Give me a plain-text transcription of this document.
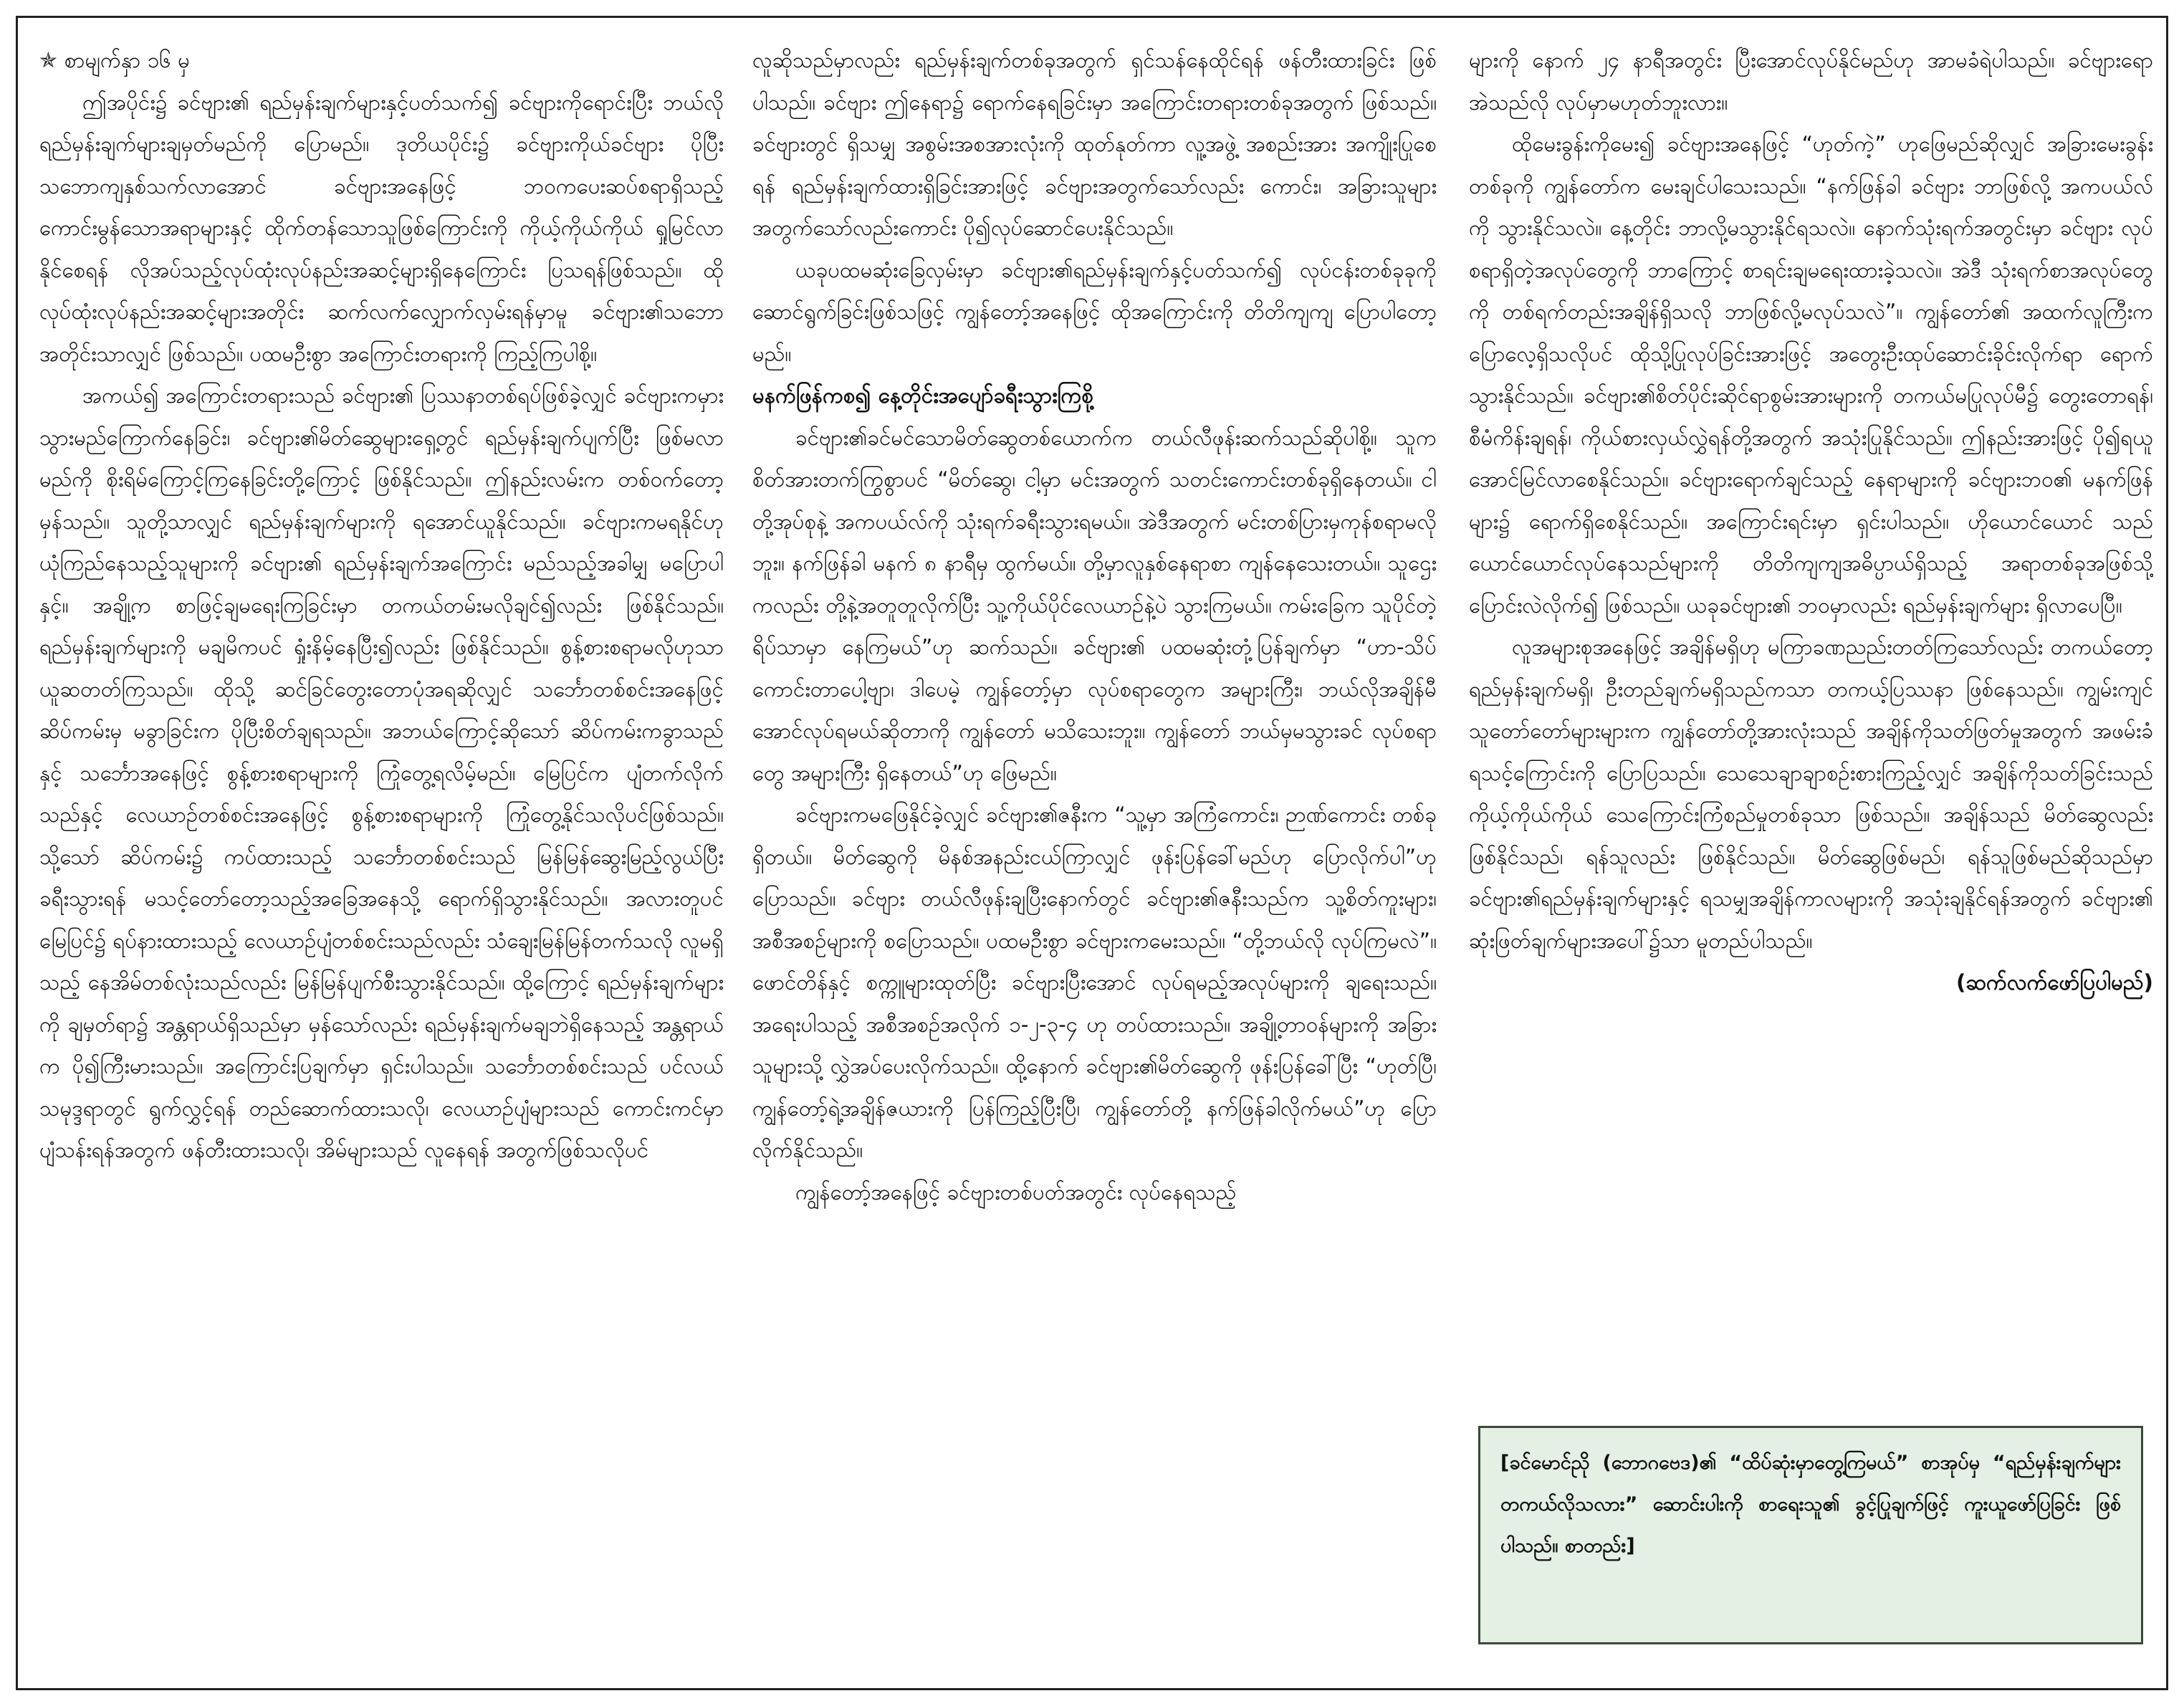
✯ စာမျက်နှာ ၁၆ မှ

ဤအပိုင်း၌ ခင်ဗျား၏ ရည်မှန်းချက်များနှင့်ပတ်သက်၍ ခင်ဗျားကိုရောင်းပြီး ဘယ်လို ရည်မှန်းချက်များချမှတ်မည်ကို ပြောမည်။ ဒုတိယပိုင်း၌ ခင်ဗျားကိုယ်ခင်ဗျား ပိုပြီးသဘောကျနှစ်သက်လာအောင် ခင်ဗျားအနေဖြင့် ဘဝကပေးဆပ်စရာရှိသည့် ကောင်းမွန်သောအရာများနှင့် ထိုက်တန်သောသူဖြစ်ကြောင်းကို ကိုယ့်ကိုယ်ကိုယ် ရှုမြင်လာနိုင်စေရန် လိုအပ်သည့်လုပ်ထုံးလုပ်နည်းအဆင့်များရှိနေကြောင်း ပြသရန်ဖြစ်သည်။ ထိုလုပ်ထုံးလုပ်နည်းအဆင့်များအတိုင်း ဆက်လက်လျှောက်လှမ်းရန်မှာမူ ခင်ဗျား၏သဘောအတိုင်းသာလျှင် ဖြစ်သည်။ ပထမဦးစွာ အကြောင်းတရားကို ကြည့်ကြပါစို့။

အကယ်၍ အကြောင်းတရားသည် ခင်ဗျား၏ ပြဿနာတစ်ရပ်ဖြစ်ခဲ့လျှင် ခင်ဗျားကမှားသွားမည်ကြောက်နေခြင်း၊ ခင်ဗျား၏မိတ်ဆွေများရှေ့တွင် ရည်မှန်းချက်ပျက်ပြီး ဖြစ်မလာမည်ကို စိုးရိမ်ကြောင့်ကြနေခြင်းတို့ကြောင့် ဖြစ်နိုင်သည်။ ဤနည်းလမ်းက တစ်ဝက်တော့မှန်သည်။ သူတို့သာလျှင် ရည်မှန်းချက်များကို ရအောင်ယူနိုင်သည်။ ခင်ဗျားကမရနိုင်ဟု ယုံကြည်နေသည့်သူများကို ခင်ဗျား၏ ရည်မှန်းချက်အကြောင်း မည်သည့်အခါမျှ မပြောပါနှင့်။ အချို့က စာဖြင့်ချမရေးကြခြင်းမှာ တကယ်တမ်းမလိုချင်၍လည်း ဖြစ်နိုင်သည်။ ရည်မှန်းချက်များကို မချမိကပင် ရှုံးနိမ့်နေပြီး၍လည်း ဖြစ်နိုင်သည်။ စွန့်စားစရာမလိုဟုသာ ယူဆတတ်ကြသည်။ ထိုသို့ ဆင်ခြင်တွေးတောပုံအရဆိုလျှင် သင်္ဘောတစ်စင်းအနေဖြင့် ဆိပ်ကမ်းမှ မခွာခြင်းက ပိုပြီးစိတ်ချရသည်။ အဘယ်ကြောင့်ဆိုသော် ဆိပ်ကမ်းကခွာသည်နှင့် သင်္ဘောအနေဖြင့် စွန့်စားစရာများကို ကြုံတွေ့ရလိမ့်မည်။ မြေပြင်က ပျံတက်လိုက်သည်နှင့် လေယာဉ်တစ်စင်းအနေဖြင့် စွန့်စားစရာများကို ကြုံတွေ့နိုင်သလိုပင်ဖြစ်သည်။ သို့သော် ဆိပ်ကမ်း၌ ကပ်ထားသည့် သင်္ဘောတစ်စင်းသည် မြန်မြန်ဆွေးမြည့်လွယ်ပြီး ခရီးသွားရန် မသင့်တော်တော့သည့်အခြေအနေသို့ ရောက်ရှိသွားနိုင်သည်။ အလားတူပင် မြေပြင်၌ ရပ်နားထားသည့် လေယာဉ်ပျံတစ်စင်းသည်လည်း သံချေးမြန်မြန်တက်သလို လူမရှိသည့် နေအိမ်တစ်လုံးသည်လည်း မြန်မြန်ပျက်စီးသွားနိုင်သည်။ ထို့ကြောင့် ရည်မှန်းချက်များကို ချမှတ်ရာ၌ အန္တရာယ်ရှိသည်မှာ မှန်သော်လည်း ရည်မှန်းချက်မချဘဲရှိနေသည့် အန္တရာယ်က ပို၍ကြီးမားသည်။ အကြောင်းပြချက်မှာ ရှင်းပါသည်။ သင်္ဘောတစ်စင်းသည် ပင်လယ်သမုဒ္ဒရာတွင် ရွက်လွှင့်ရန် တည်ဆောက်ထားသလို၊ လေယာဉ်ပျံများသည် ကောင်းကင်မှာ ပျံသန်းရန်အတွက် ဖန်တီးထားသလို၊ အိမ်များသည် လူနေရန် အတွက်ဖြစ်သလိုပင်

လူဆိုသည်မှာလည်း ရည်မှန်းချက်တစ်ခုအတွက် ရှင်သန်နေထိုင်ရန် ဖန်တီးထားခြင်း ဖြစ်ပါသည်။ ခင်ဗျား ဤနေရာ၌ ရောက်နေရခြင်းမှာ အကြောင်းတရားတစ်ခုအတွက် ဖြစ်သည်။ ခင်ဗျားတွင် ရှိသမျှ အစွမ်းအစအားလုံးကို ထုတ်နုတ်ကာ လူ့အဖွဲ့ အစည်းအား အကျိုးပြုစေရန် ရည်မှန်းချက်ထားရှိခြင်းအားဖြင့် ခင်ဗျားအတွက်သော်လည်း ကောင်း၊ အခြားသူများအတွက်သော်လည်းကောင်း ပို၍လုပ်ဆောင်ပေးနိုင်သည်။

ယခုပထမဆုံးခြေလှမ်းမှာ ခင်ဗျား၏ရည်မှန်းချက်နှင့်ပတ်သက်၍ လုပ်ငန်းတစ်ခုခုကို ဆောင်ရွက်ခြင်းဖြစ်သဖြင့် ကျွန်တော့်အနေဖြင့် ထိုအကြောင်းကို တိတိကျကျ ပြောပါတော့မည်။

မနက်ဖြန်ကစ၍ နေ့တိုင်းအပျော်ခရီးသွားကြစို့

ခင်ဗျား၏ခင်မင်သောမိတ်ဆွေတစ်ယောက်က တယ်လီဖုန်းဆက်သည်ဆိုပါစို့။ သူကစိတ်အားတက်ကြွစွာပင် “မိတ်ဆွေ၊ ငါ့မှာ မင်းအတွက် သတင်းကောင်းတစ်ခုရှိနေတယ်။ ငါတို့အုပ်စုနဲ့ အကပယ်လ်ကို သုံးရက်ခရီးသွားရမယ်။ အဲဒီအတွက် မင်းတစ်ပြားမှကုန်စရာမလိုဘူး။ နက်ဖြန်ခါ မနက် ၈ နာရီမှ ထွက်မယ်။ တို့မှာလူနှစ်နေရာစာ ကျန်နေသေးတယ်။ သူဌေးကလည်း တို့နဲ့အတူတူလိုက်ပြီး သူ့ကိုယ်ပိုင်လေယာဉ်နဲ့ပဲ သွားကြမယ်။ ကမ်းခြေက သူပိုင်တဲ့ ရိပ်သာမှာ နေကြမယ်”ဟု ဆက်သည်။ ခင်ဗျား၏ ပထမဆုံးတုံ့ပြန်ချက်မှာ “ဟာ-သိပ် ကောင်းတာပေါ့ဗျာ၊ ဒါပေမဲ့ ကျွန်တော့်မှာ လုပ်စရာတွေက အများကြီး၊ ဘယ်လိုအချိန်မီအောင်လုပ်ရမယ်ဆိုတာကို ကျွန်တော် မသိသေးဘူး။ ကျွန်တော် ဘယ်မှမသွားခင် လုပ်စရာတွေ အများကြီး ရှိနေတယ်”ဟု ဖြေမည်။

ခင်ဗျားကမဖြေနိုင်ခဲ့လျှင် ခင်ဗျား၏ဇနီးက “သူ့မှာ အကြံကောင်း၊ ဉာဏ်ကောင်း တစ်ခုရှိတယ်။ မိတ်ဆွေကို မိနစ်အနည်းငယ်ကြာလျှင် ဖုန်းပြန်ခေါ်မည်ဟု ပြောလိုက်ပါ”ဟု ပြောသည်။ ခင်ဗျား တယ်လီဖုန်းချပြီးနောက်တွင် ခင်ဗျား၏ဇနီးသည်က သူ့စိတ်ကူးများ၊ အစီအစဉ်များကို စပြောသည်။ ပထမဦးစွာ ခင်ဗျားကမေးသည်။ “တို့ဘယ်လို လုပ်ကြမလဲ”။ ဖောင်တိန်နှင့် စက္ကူများထုတ်ပြီး ခင်ဗျားပြီးအောင် လုပ်ရမည့်အလုပ်များကို ချရေးသည်။ အရေးပါသည့် အစီအစဉ်အလိုက် ၁-၂-၃-၄ ဟု တပ်ထားသည်။ အချို့တာဝန်များကို အခြားသူများသို့ လွှဲအပ်ပေးလိုက်သည်။ ထို့နောက် ခင်ဗျား၏မိတ်ဆွေကို ဖုန်းပြန်ခေါ်ပြီး “ဟုတ်ပြီ၊ ကျွန်တော့်ရဲ့အချိန်ဇယားကို ပြန်ကြည့်ပြီးပြီ၊ ကျွန်တော်တို့ နက်ဖြန်ခါလိုက်မယ်”ဟု ပြောလိုက်နိုင်သည်။

ကျွန်တော့်အနေဖြင့် ခင်ဗျားတစ်ပတ်အတွင်း လုပ်နေရသည့်

များကို နောက် ၂၄ နာရီအတွင်း ပြီးအောင်လုပ်နိုင်မည်ဟု အာမခံရဲပါသည်။ ခင်ဗျားရော အဲသည်လို လုပ်မှာမဟုတ်ဘူးလား။

ထိုမေးခွန်းကိုမေး၍ ခင်ဗျားအနေဖြင့် “ဟုတ်ကဲ့” ဟုဖြေမည်ဆိုလျှင် အခြားမေးခွန်းတစ်ခုကို ကျွန်တော်က မေးချင်ပါသေးသည်။ “နက်ဖြန်ခါ ခင်ဗျား ဘာဖြစ်လို့ အကပယ်လ်ကို သွားနိုင်သလဲ။ နေ့တိုင်း ဘာလို့မသွားနိုင်ရသလဲ။ နောက်သုံးရက်အတွင်းမှာ ခင်ဗျား လုပ်စရာရှိတဲ့အလုပ်တွေကို ဘာကြောင့် စာရင်းချမရေးထားခဲ့သလဲ။ အဲဒီ သုံးရက်စာအလုပ်တွေကို တစ်ရက်တည်းအချိန်ရှိသလို ဘာဖြစ်လို့မလုပ်သလဲ”။ ကျွန်တော်၏ အထက်လူကြီးက ပြောလေ့ရှိသလိုပင် ထိုသို့ပြုလုပ်ခြင်းအားဖြင့် အတွေးဦးထုပ်ဆောင်းခိုင်းလိုက်ရာ ရောက်သွားနိုင်သည်။ ခင်ဗျား၏စိတ်ပိုင်းဆိုင်ရာစွမ်းအားများကို တကယ်မပြုလုပ်မီ၌ တွေးတောရန်၊ စီမံကိန်းချရန်၊ ကိုယ်စားလှယ်လွှဲရန်တို့အတွက် အသုံးပြုနိုင်သည်။ ဤနည်းအားဖြင့် ပို၍ရယူအောင်မြင်လာစေနိုင်သည်။ ခင်ဗျားရောက်ချင်သည့် နေရာများကို ခင်ဗျားဘဝ၏ မနက်ဖြန်များ၌ ရောက်ရှိစေနိုင်သည်။ အကြောင်းရင်းမှာ ရှင်းပါသည်။ ဟိုယောင်ယောင် သည်ယောင်ယောင်လုပ်နေသည်များကို တိတိကျကျအဓိပ္ပာယ်ရှိသည့် အရာတစ်ခုအဖြစ်သို့ ပြောင်းလဲလိုက်၍ ဖြစ်သည်။ ယခုခင်ဗျား၏ ဘဝမှာလည်း ရည်မှန်းချက်များ ရှိလာပေပြီ။

လူအများစုအနေဖြင့် အချိန်မရှိဟု မကြာခဏညည်းတတ်ကြသော်လည်း တကယ်တော့ ရည်မှန်းချက်မရှိ၊ ဦးတည်ချက်မရှိသည်ကသာ တကယ့်ပြဿနာ ဖြစ်နေသည်။ ကျွမ်းကျင်သူတော်တော်များများက ကျွန်တော်တို့အားလုံးသည် အချိန်ကိုသတ်ဖြတ်မှုအတွက် အဖမ်းခံရသင့်ကြောင်းကို ပြောပြသည်။ သေသေချာချာစဉ်းစားကြည့်လျှင် အချိန်ကိုသတ်ခြင်းသည် ကိုယ့်ကိုယ်ကိုယ် သေကြောင်းကြံစည်မှုတစ်ခုသာ ဖြစ်သည်။ အချိန်သည် မိတ်ဆွေလည်း ဖြစ်နိုင်သည်၊ ရန်သူလည်း ဖြစ်နိုင်သည်။ မိတ်ဆွေဖြစ်မည်၊ ရန်သူဖြစ်မည်ဆိုသည်မှာ ခင်ဗျား၏ရည်မှန်းချက်များနှင့် ရသမျှအချိန်ကာလများကို အသုံးချနိုင်ရန်အတွက် ခင်ဗျား၏ ဆုံးဖြတ်ချက်များအပေါ်၌သာ မူတည်ပါသည်။

(ဆက်လက်ဖော်ပြပါမည်)

[ခင်မောင်ညို (ဘောဂဗေဒ)၏ “ထိပ်ဆုံးမှာတွေ့ကြမယ်” စာအုပ်မှ “ရည်မှန်းချက်များ တကယ်လိုသလား” ဆောင်းပါးကို စာရေးသူ၏ ခွင့်ပြုချက်ဖြင့် ကူးယူဖော်ပြခြင်း ဖြစ်ပါသည်။ စာတည်း]
